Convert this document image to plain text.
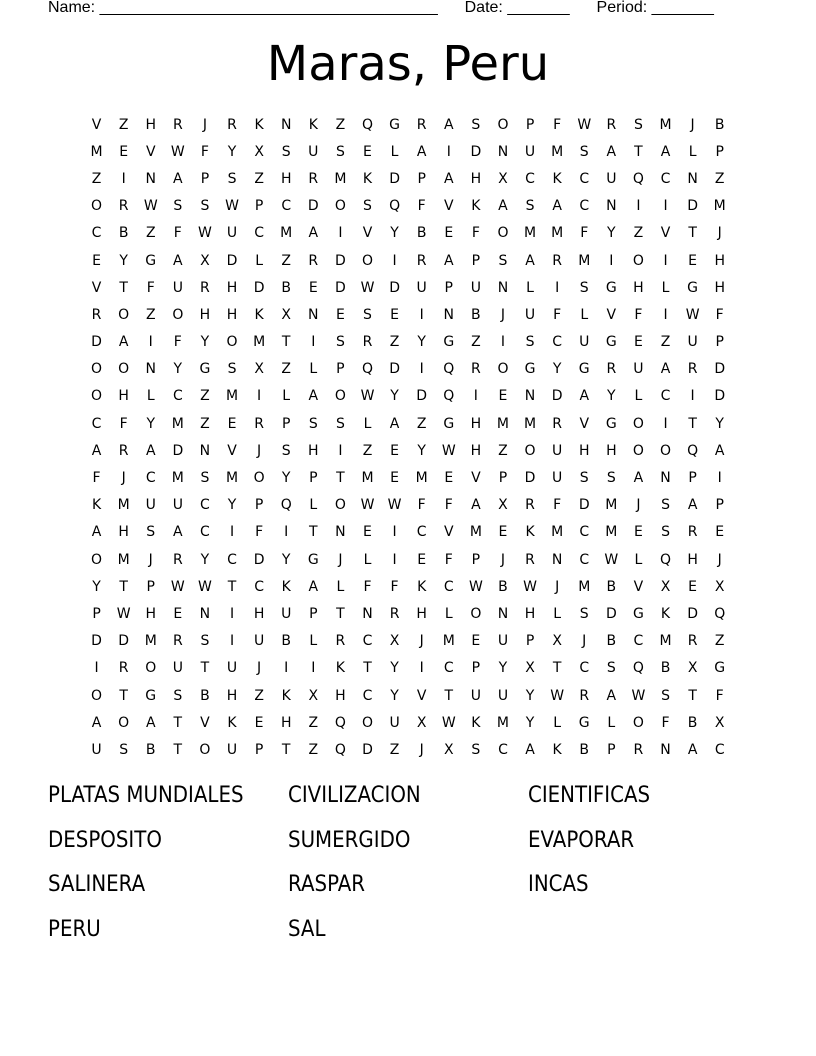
Name: ______________________________________ Date: _______ Period: _______
Maras, Peru
V	Z	H	R	J	R	K	N	K	Z	Q	G	R	A	S	O	P	F	W	R	S	M	J	B
M	E	V	W	F	Y	X	S	U	S	E	L	A	I	D	N	U	M	S	A	T	A	L	P
Z	I	N	A	P	S	Z	H	R	M	K	D	P	A	H	X	C	K	C	U	Q	C	N	Z
O	R	W	S	S	W	P	C	D	O	S	Q	F	V	K	A	S	A	C	N	I	I	D	M
C	B	Z	F	W	U	C	M	A	I	V	Y	B	E	F	O	M	M	F	Y	Z	V	T	J
E	Y	G	A	X	D	L	Z	R	D	O	I	R	A	P	S	A	R	M	I	O	I	E	H
V	T	F	U	R	H	D	B	E	D	W	D	U	P	U	N	L	I	S	G	H	L	G	H
R	O	Z	O	H	H	K	X	N	E	S	E	I	N	B	J	U	F	L	V	F	I	W	F
D	A	I	F	Y	O	M	T	I	S	R	Z	Y	G	Z	I	S	C	U	G	E	Z	U	P
O	O	N	Y	G	S	X	Z	L	P	Q	D	I	Q	R	O	G	Y	G	R	U	A	R	D
O	H	L	C	Z	M	I	L	A	O	W	Y	D	Q	I	E	N	D	A	Y	L	C	I	D
C	F	Y	M	Z	E	R	P	S	S	L	A	Z	G	H	M	M	R	V	G	O	I	T	Y
A	R	A	D	N	V	J	S	H	I	Z	E	Y	W	H	Z	O	U	H	H	O	O	Q	A
F	J	C	M	S	M	O	Y	P	T	M	E	M	E	V	P	D	U	S	S	A	N	P	I
K	M	U	U	C	Y	P	Q	L	O	W W	F	F	A	X	R	F	D	M	J	S	A	P
A	H	S	A	C	I	F	I	T	N	E	I	C	V	M	E	K	M	C	M	E	S	R	E
O	M	J	R	Y	C	D	Y	G	J	L	I	E	F	P	J	R	N	C	W	L	Q	H	J
Y	T	P	W W	T	C	K	A	L	F	F	K	C	W	B	W	J	M	B	V	X	E	X
P	W	H	E	N	I	H	U	P	T	N	R	H	L	O	N	H	L	S	D	G	K	D	Q
D	D	M	R	S	I	U	B	L	R	C	X	J	M	E	U	P	X	J	B	C	M	R	Z
I	R	O	U	T	U	J	I	I	K	T	Y	I	C	P	Y	X	T	C	S	Q	B	X	G
O	T	G	S	B	H	Z	K	X	H	C	Y	V	T	U	U	Y	W	R	A	W	S	T	F
A	O	A	T	V	K	E	H	Z	Q	O	U	X	W	K	M	Y	L	G	L	O	F	B	X
U	S	B	T	O	U	P	T	Z	Q	D	Z	J	X	S	C	A	K	B	P	R	N	A	C
PLATAS MUNDIALES	CIVILIZACION	CIENTIFICAS
DESPOSITO	SUMERGIDO	EVAPORAR
SALINERA	RASPAR	INCAS
PERU	SAL
